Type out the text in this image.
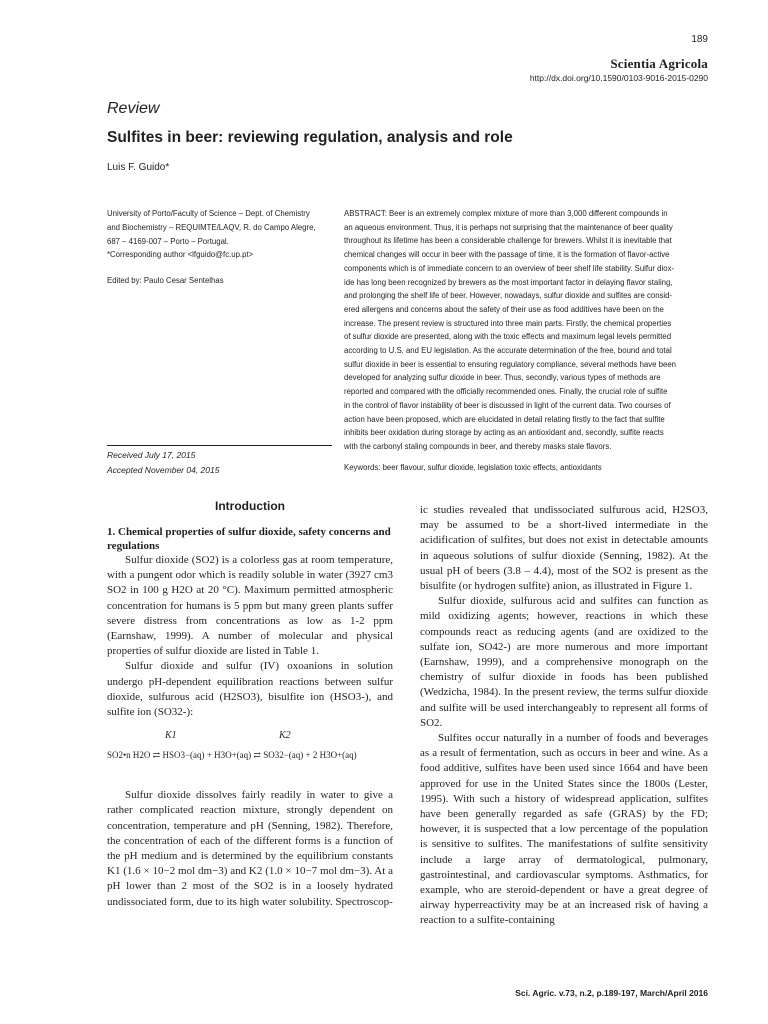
189
Scientia Agricola
http://dx.doi.org/10.1590/0103-9016-2015-0290
Review
Sulfites in beer: reviewing regulation, analysis and role
Luis F. Guido*
University of Porto/Faculty of Science – Dept. of Chemistry
and Biochemistry – REQUIMTE/LAQV, R. do Campo Alegre,
687 – 4169-007 – Porto – Portugal.
*Corresponding author <lfguido@fc.up.pt>
Edited by: Paulo Cesar Sentelhas
Received July 17, 2015
Accepted November 04, 2015
ABSTRACT: Beer is an extremely complex mixture of more than 3,000 different compounds in
an aqueous environment. Thus, it is perhaps not surprising that the maintenance of beer quality
throughout its lifetime has been a considerable challenge for brewers. Whilst it is inevitable that
chemical changes will occur in beer with the passage of time, it is the formation of flavor-active
components which is of immediate concern to an overview of beer shelf life stability. Sulfur diox-
ide has long been recognized by brewers as the most important factor in delaying flavor staling,
and prolonging the shelf life of beer. However, nowadays, sulfur dioxide and sulfites are consid-
ered allergens and concerns about the safety of their use as food additives have been on the
increase. The present review is structured into three main parts. Firstly, the chemical properties
of sulfur dioxide are presented, along with the toxic effects and maximum legal levels permitted
according to U.S. and EU legislation. As the accurate determination of the free, bound and total
sulfur dioxide in beer is essential to ensuring regulatory compliance, several methods have been
developed for analyzing sulfur dioxide in beer. Thus, secondly, various types of methods are
reported and compared with the officially recommended ones. Finally, the crucial role of sulfite
in the control of flavor instability of beer is discussed in light of the current data. Two courses of
action have been proposed, which are elucidated in detail relating firstly to the fact that sulfite
inhibits beer oxidation during storage by acting as an antioxidant and, secondly, sulfite reacts
with the carbonyl staling compounds in beer, and thereby masks stale flavors.
Keywords: beer flavour, sulfur dioxide, legislation toxic effects, antioxidants
Introduction
1. Chemical properties of sulfur dioxide, safety concerns and regulations

Sulfur dioxide (SO2) is a colorless gas at room temperature, with a pungent odor which is readily soluble in water (3927 cm3 SO2 in 100 g H2O at 20 °C). Maximum permitted atmospheric concentration for humans is 5 ppm but many green plants suffer severe distress from concentrations as low as 1-2 ppm (Earnshaw, 1999). A number of molecular and physical properties of sulfur dioxide are listed in Table 1.

Sulfur dioxide and sulfur (IV) oxoanions in solution undergo pH-dependent equilibration reactions between sulfur dioxide, sulfurous acid (H2SO3), bisulfite ion (HSO3-), and sulfite ion (SO32-):

K1	K2
SO2•n H2O ⇄ HSO3−(aq) + H3O+(aq) ⇄ SO32−(aq) + 2 H3O+(aq)

Sulfur dioxide dissolves fairly readily in water to give a rather complicated reaction mixture, strongly dependent on concentration, temperature and pH (Senning, 1982). Therefore, the concentration of each of the different forms is a function of the pH medium and is determined by the equilibrium constants K1 (1.6 × 10−2 mol dm−3) and K2 (1.0 × 10−7 mol dm−3). At a pH lower than 2 most of the SO2 is in a loosely hydrated undissociated form, due to its high water solubility. Spectroscop-

ic studies revealed that undissociated sulfurous acid, H2SO3, may be assumed to be a short-lived intermediate in the acidification of sulfites, but does not exist in detectable amounts in aqueous solutions of sulfur dioxide (Senning, 1982). At the usual pH of beers (3.8 – 4.4), most of the SO2 is present as the bisulfite (or hydrogen sulfite) anion, as illustrated in Figure 1.

Sulfur dioxide, sulfurous acid and sulfites can function as mild oxidizing agents; however, reactions in which these compounds react as reducing agents (and are oxidized to the sulfate ion, SO42-) are more numerous and more important (Earnshaw, 1999), and a comprehensive monograph on the chemistry of sulfur dioxide in foods has been published (Wedzicha, 1984). In the present review, the terms sulfur dioxide and sulfite will be used interchangeably to represent all forms of SO2.

Sulfites occur naturally in a number of foods and beverages as a result of fermentation, such as occurs in beer and wine. As a food additive, sulfites have been used since 1664 and have been approved for use in the United States since the 1800s (Lester, 1995). With such a history of widespread application, sulfites have been generally regarded as safe (GRAS) by the FD; however, it is suspected that a low percentage of the population is sensitive to sulfites. The manifestations of sulfite sensitivity include a large array of dermatological, pulmonary, gastrointestinal, and cardiovascular symptoms. Asthmatics, for example, who are steroid-dependent or have a great degree of airway hyperreactivity may be at an increased risk of having a reaction to a sulfite-containing

Sci. Agric. v.73, n.2, p.189-197, March/April 2016
